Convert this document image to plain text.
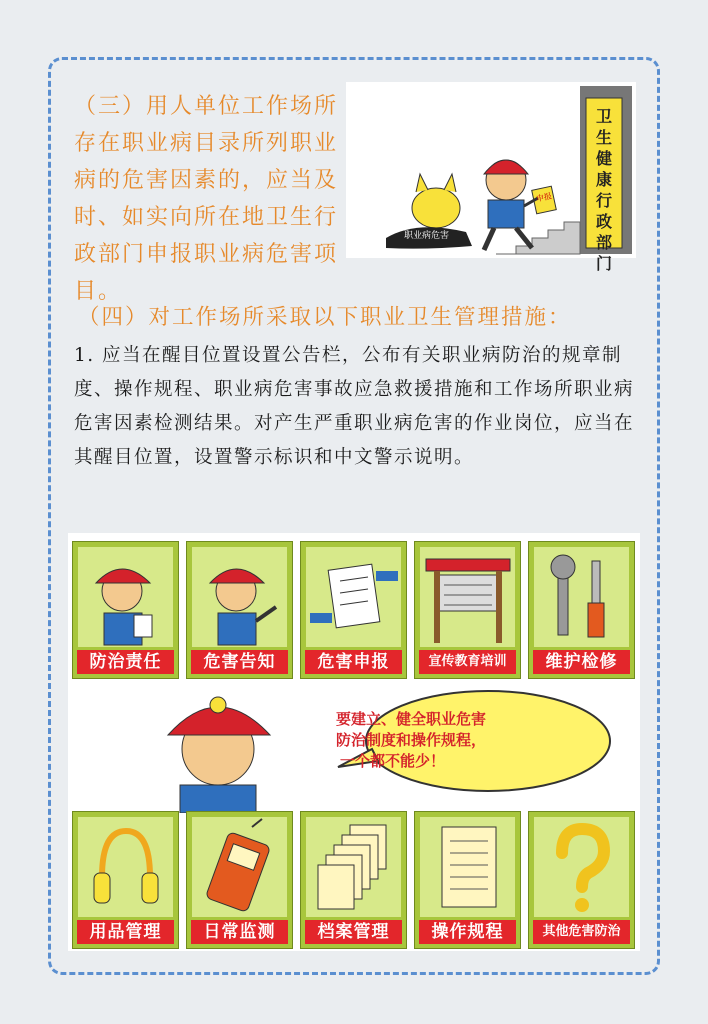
（三）用人单位工作场所存在职业病目录所列职业病的危害因素的，应当及时、如实向所在地卫生行政部门申报职业病危害项目。
卫生健康行政部门
申报
职业病危害
（四）对工作场所采取以下职业卫生管理措施：
1. 应当在醒目位置设置公告栏，公布有关职业病防治的规章制度、操作规程、职业病危害事故应急救援措施和工作场所职业病危害因素检测结果。对产生严重职业病危害的作业岗位，应当在其醒目位置，设置警示标识和中文警示说明。
防治责任	危害告知	危害申报	宣传教育培训	维护检修
要建立、健全职业危害
防治制度和操作规程，
一个都不能少！
用品管理	日常监测	档案管理	操作规程	其他危害防治
